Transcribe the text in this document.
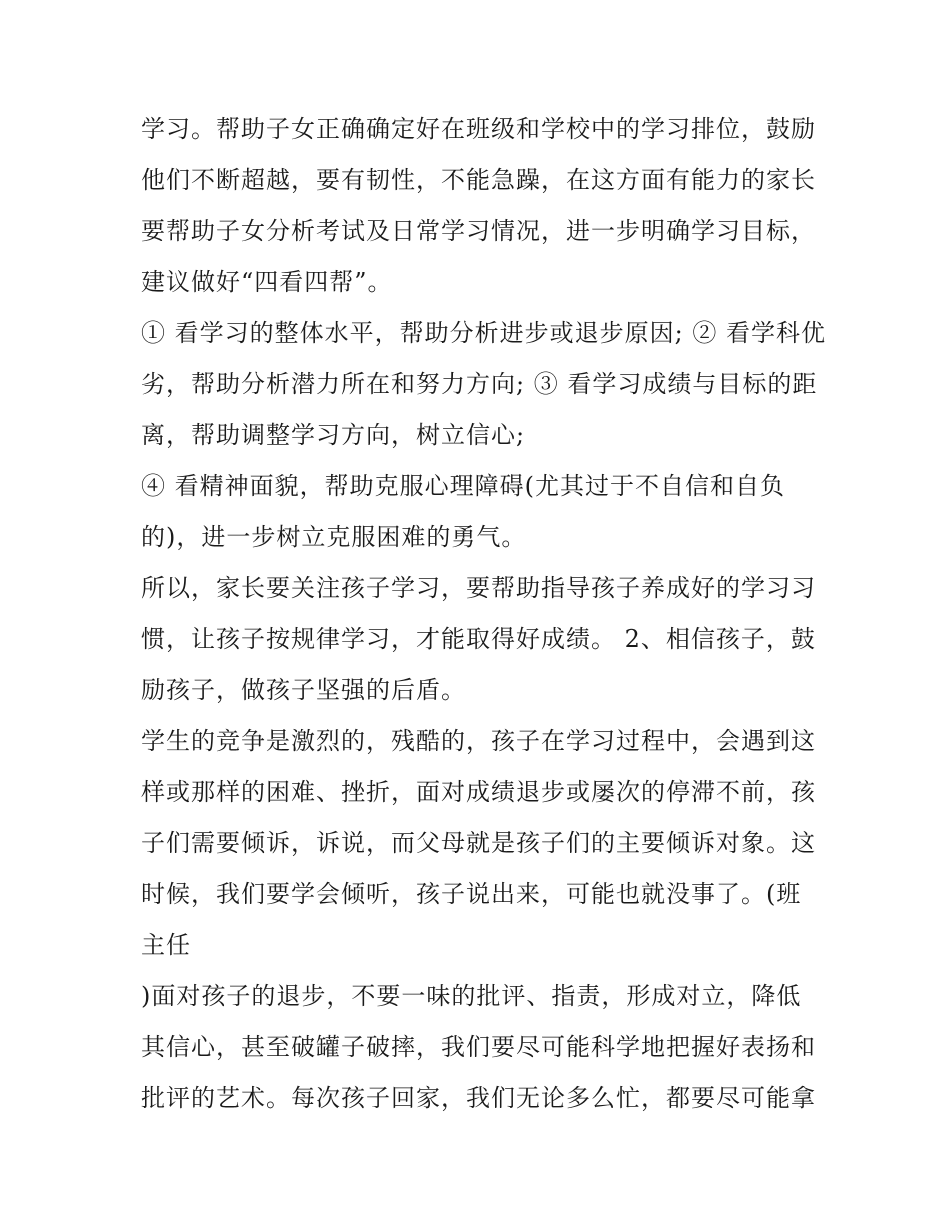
学习。帮助子女正确确定好在班级和学校中的学习排位，鼓励
他们不断超越，要有韧性，不能急躁，在这方面有能力的家长
要帮助子女分析考试及日常学习情况，进一步明确学习目标，
建议做好“四看四帮”。
① 看学习的整体水平，帮助分析进步或退步原因; ② 看学科优
劣，帮助分析潜力所在和努力方向; ③ 看学习成绩与目标的距
离，帮助调整学习方向，树立信心;
④ 看精神面貌，帮助克服心理障碍(尤其过于不自信和自负
的)，进一步树立克服困难的勇气。
所以，家长要关注孩子学习，要帮助指导孩子养成好的学习习
惯，让孩子按规律学习，才能取得好成绩。 2、相信孩子，鼓
励孩子，做孩子坚强的后盾。
学生的竞争是激烈的，残酷的，孩子在学习过程中，会遇到这
样或那样的困难、挫折，面对成绩退步或屡次的停滞不前，孩
子们需要倾诉，诉说，而父母就是孩子们的主要倾诉对象。这
时候，我们要学会倾听，孩子说出来，可能也就没事了。(班
主任
)面对孩子的退步，不要一味的批评、指责，形成对立，降低
其信心，甚至破罐子破摔，我们要尽可能科学地把握好表扬和
批评的艺术。每次孩子回家，我们无论多么忙，都要尽可能拿
